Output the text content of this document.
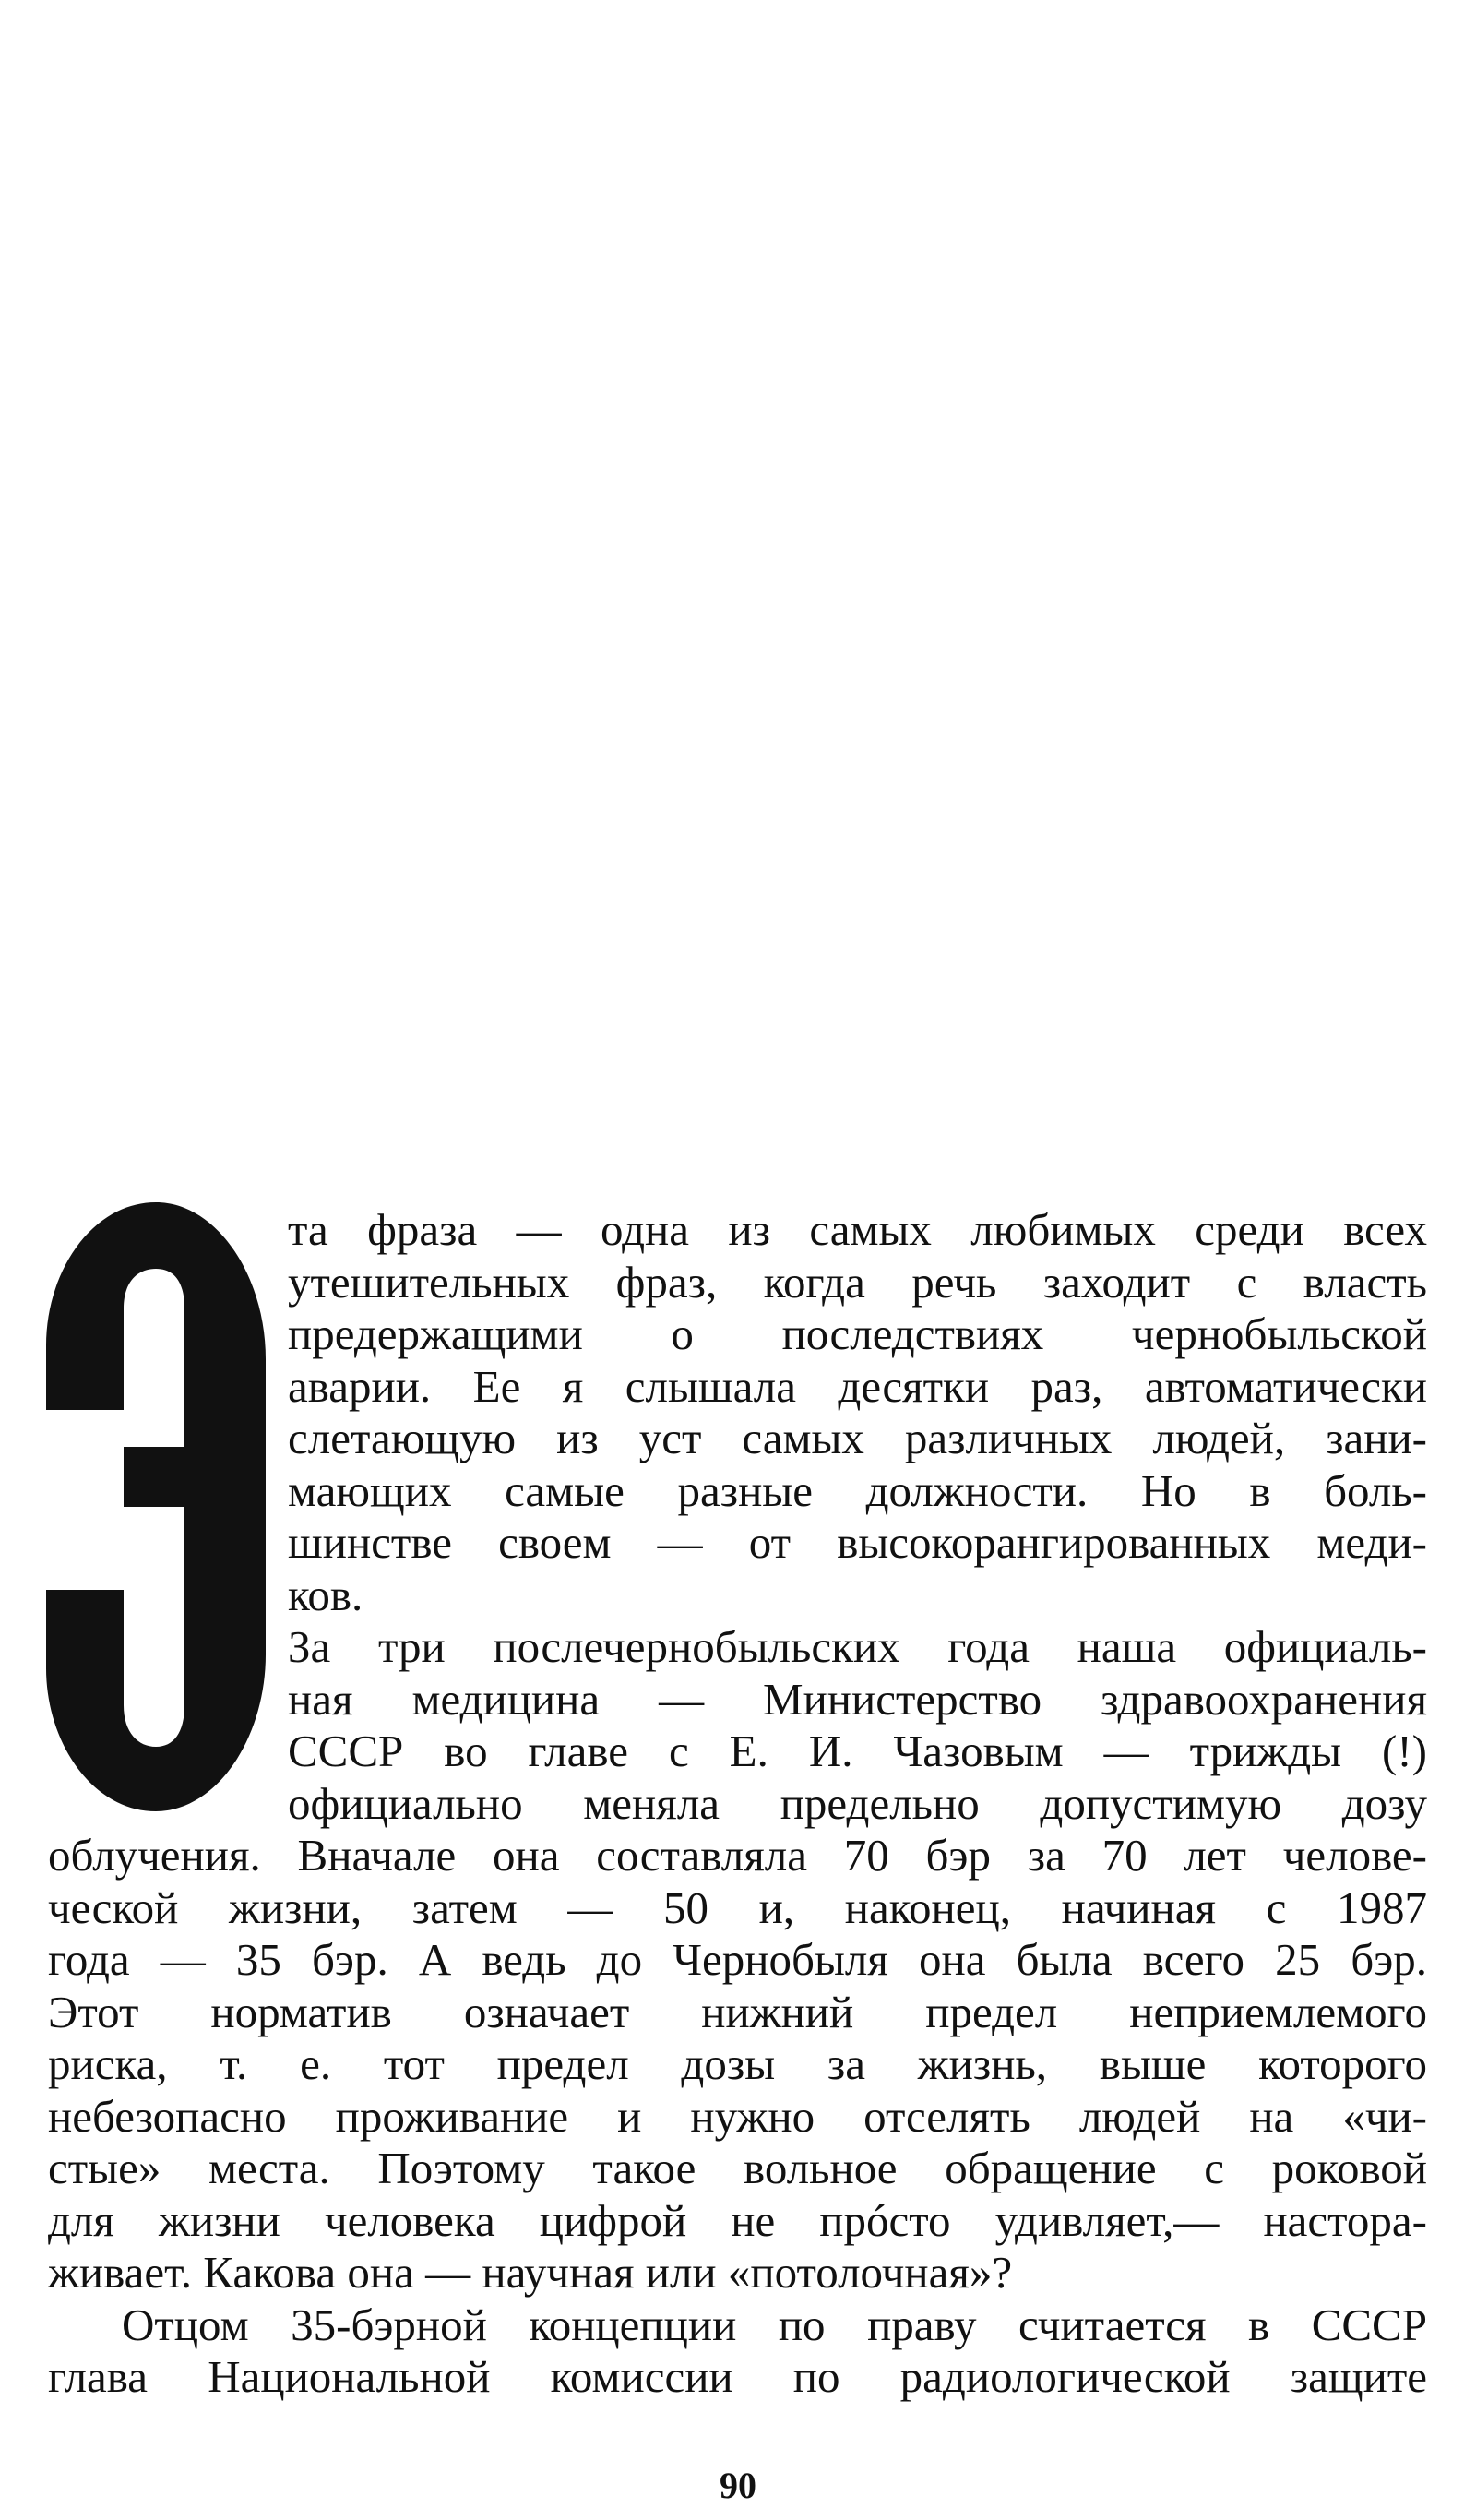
та фраза — одна из самых любимых среди всех
утешительных фраз, когда речь заходит с власть
предержащими о последствиях чернобыльской
аварии. Ее я слышала десятки раз, автоматически
слетающую из уст самых различных людей, зани-
мающих самые разные должности. Но в боль-
шинстве своем — от высокорангированных меди-
ков.
За три послечернобыльских года наша официаль-
ная медицина — Министерство здравоохранения
СССР во главе с Е. И. Чазовым — трижды (!)
официально меняла предельно допустимую дозу
облучения. Вначале она составляла 70 бэр за 70 лет челове-
ческой жизни, затем — 50 и, наконец, начиная с 1987
года — 35 бэр. А ведь до Чернобыля она была всего 25 бэр.
Этот норматив означает нижний предел неприемлемого
риска, т. е. тот предел дозы за жизнь, выше которого
небезопасно проживание и нужно отселять людей на «чи-
стые» места. Поэтому такое вольное обращение с роковой
для жизни человека цифрой не прóсто удивляет,— настора-
живает. Какова она — научная или «потолочная»?
Отцом 35-бэрной концепции по праву считается в СССР
глава Национальной комиссии по радиологической защите
90
